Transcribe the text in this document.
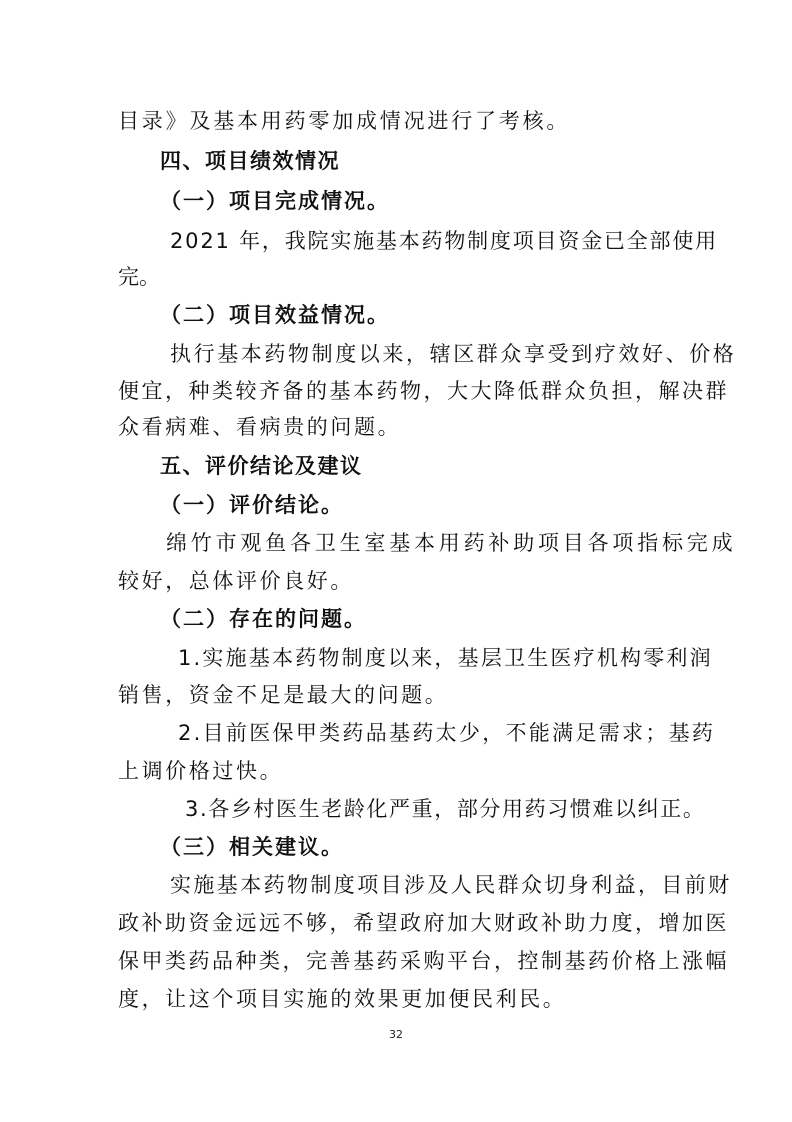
目录》及基本用药零加成情况进行了考核。
四、项目绩效情况
（一）项目完成情况。
2021 年，我院实施基本药物制度项目资金已全部使用
完。
（二）项目效益情况。
执行基本药物制度以来，辖区群众享受到疗效好、价格
便宜，种类较齐备的基本药物，大大降低群众负担，解决群
众看病难、看病贵的问题。
五、评价结论及建议
（一）评价结论。
绵竹市观鱼各卫生室基本用药补助项目各项指标完成
较好，总体评价良好。
（二）存在的问题。
1.实施基本药物制度以来，基层卫生医疗机构零利润
销售，资金不足是最大的问题。
2.目前医保甲类药品基药太少，不能满足需求；基药
上调价格过快。
3.各乡村医生老龄化严重，部分用药习惯难以纠正。
（三）相关建议。
实施基本药物制度项目涉及人民群众切身利益，目前财
政补助资金远远不够，希望政府加大财政补助力度，增加医
保甲类药品种类，完善基药采购平台，控制基药价格上涨幅
度，让这个项目实施的效果更加便民利民。
32
